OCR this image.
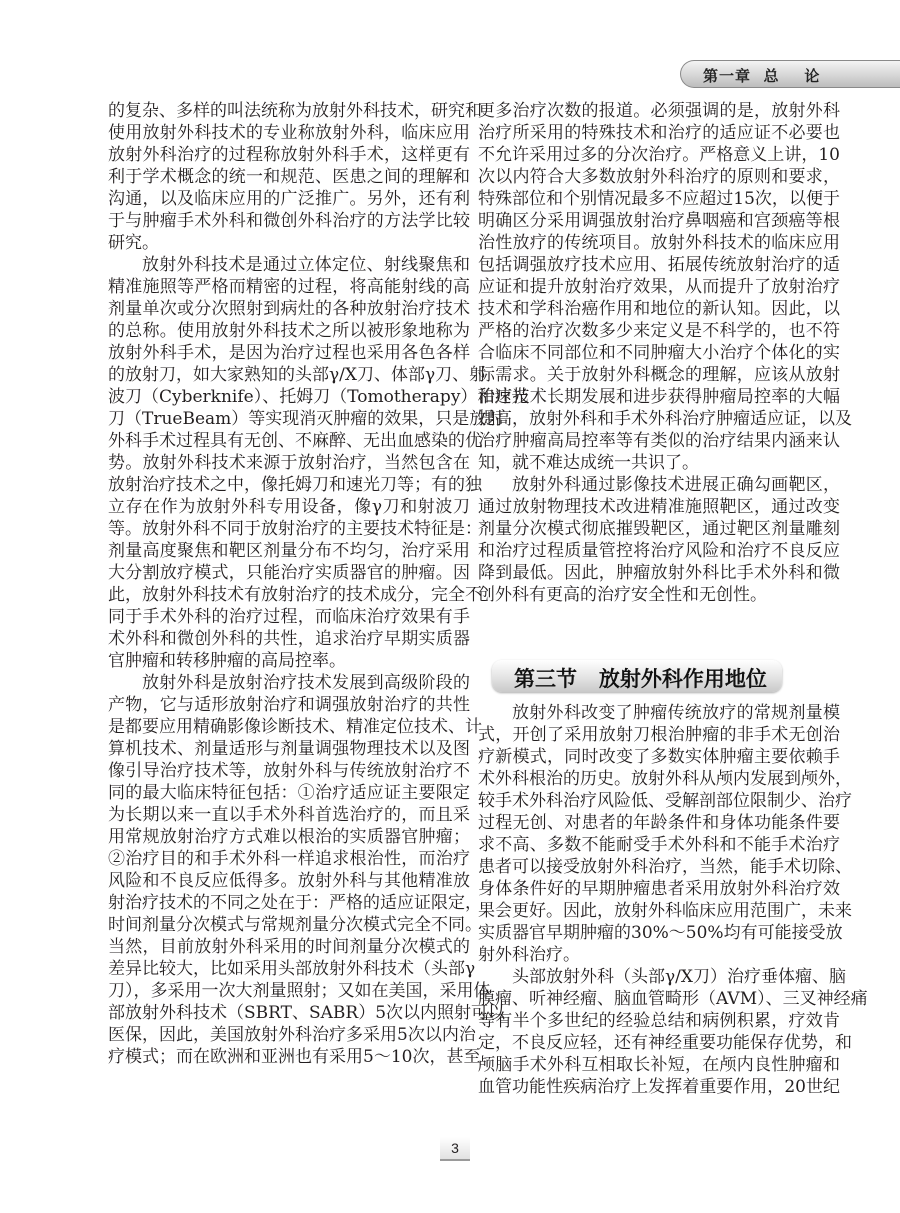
第一章  总    论
的复杂、多样的叫法统称为放射外科技术，研究和
使用放射外科技术的专业称放射外科，临床应用
放射外科治疗的过程称放射外科手术，这样更有
利于学术概念的统一和规范、医患之间的理解和
沟通，以及临床应用的广泛推广。另外，还有利
于与肿瘤手术外科和微创外科治疗的方法学比较
研究。
放射外科技术是通过立体定位、射线聚焦和
精准施照等严格而精密的过程，将高能射线的高
剂量单次或分次照射到病灶的各种放射治疗技术
的总称。使用放射外科技术之所以被形象地称为
放射外科手术，是因为治疗过程也采用各色各样
的放射刀，如大家熟知的头部γ/X刀、体部γ刀、射
波刀（Cyberknife）、托姆刀（Tomotherapy）和速光
刀（TrueBeam）等实现消灭肿瘤的效果，只是放射
外科手术过程具有无创、不麻醉、无出血感染的优
势。放射外科技术来源于放射治疗，当然包含在
放射治疗技术之中，像托姆刀和速光刀等；有的独
立存在作为放射外科专用设备，像γ刀和射波刀
等。放射外科不同于放射治疗的主要技术特征是：
剂量高度聚焦和靶区剂量分布不均匀，治疗采用
大分割放疗模式，只能治疗实质器官的肿瘤。因
此，放射外科技术有放射治疗的技术成分，完全不
同于手术外科的治疗过程，而临床治疗效果有手
术外科和微创外科的共性，追求治疗早期实质器
官肿瘤和转移肿瘤的高局控率。
放射外科是放射治疗技术发展到高级阶段的
产物，它与适形放射治疗和调强放射治疗的共性
是都要应用精确影像诊断技术、精准定位技术、计
算机技术、剂量适形与剂量调强物理技术以及图
像引导治疗技术等，放射外科与传统放射治疗不
同的最大临床特征包括：①治疗适应证主要限定
为长期以来一直以手术外科首选治疗的，而且采
用常规放射治疗方式难以根治的实质器官肿瘤；
②治疗目的和手术外科一样追求根治性，而治疗
风险和不良反应低得多。放射外科与其他精准放
射治疗技术的不同之处在于：严格的适应证限定，
时间剂量分次模式与常规剂量分次模式完全不同。
当然，目前放射外科采用的时间剂量分次模式的
差异比较大，比如采用头部放射外科技术（头部γ
刀），多采用一次大剂量照射；又如在美国，采用体
部放射外科技术（SBRT、SABR）5次以内照射可以
医保，因此，美国放射外科治疗多采用5次以内治
疗模式；而在欧洲和亚洲也有采用5～10次，甚至
更多治疗次数的报道。必须强调的是，放射外科
治疗所采用的特殊技术和治疗的适应证不必要也
不允许采用过多的分次治疗。严格意义上讲，10
次以内符合大多数放射外科治疗的原则和要求，
特殊部位和个别情况最多不应超过15次，以便于
明确区分采用调强放射治疗鼻咽癌和宫颈癌等根
治性放疗的传统项目。放射外科技术的临床应用
包括调强放疗技术应用、拓展传统放射治疗的适
应证和提升放射治疗效果，从而提升了放射治疗
技术和学科治癌作用和地位的新认知。因此，以
严格的治疗次数多少来定义是不科学的，也不符
合临床不同部位和不同肿瘤大小治疗个体化的实
际需求。关于放射外科概念的理解，应该从放射
治疗技术长期发展和进步获得肿瘤局控率的大幅
提高，放射外科和手术外科治疗肿瘤适应证，以及
治疗肿瘤高局控率等有类似的治疗结果内涵来认
知，就不难达成统一共识了。
放射外科通过影像技术进展正确勾画靶区，
通过放射物理技术改进精准施照靶区，通过改变
剂量分次模式彻底摧毁靶区，通过靶区剂量雕刻
和治疗过程质量管控将治疗风险和治疗不良反应
降到最低。因此，肿瘤放射外科比手术外科和微
创外科有更高的治疗安全性和无创性。
第三节   放射外科作用地位
放射外科改变了肿瘤传统放疗的常规剂量模
式，开创了采用放射刀根治肿瘤的非手术无创治
疗新模式，同时改变了多数实体肿瘤主要依赖手
术外科根治的历史。放射外科从颅内发展到颅外，
较手术外科治疗风险低、受解剖部位限制少、治疗
过程无创、对患者的年龄条件和身体功能条件要
求不高、多数不能耐受手术外科和不能手术治疗
患者可以接受放射外科治疗，当然，能手术切除、
身体条件好的早期肿瘤患者采用放射外科治疗效
果会更好。因此，放射外科临床应用范围广，未来
实质器官早期肿瘤的30%～50%均有可能接受放
射外科治疗。
头部放射外科（头部γ/X刀）治疗垂体瘤、脑
膜瘤、听神经瘤、脑血管畸形（AVM）、三叉神经痛
等有半个多世纪的经验总结和病例积累，疗效肯
定，不良反应轻，还有神经重要功能保存优势，和
颅脑手术外科互相取长补短，在颅内良性肿瘤和
血管功能性疾病治疗上发挥着重要作用，20世纪
3
